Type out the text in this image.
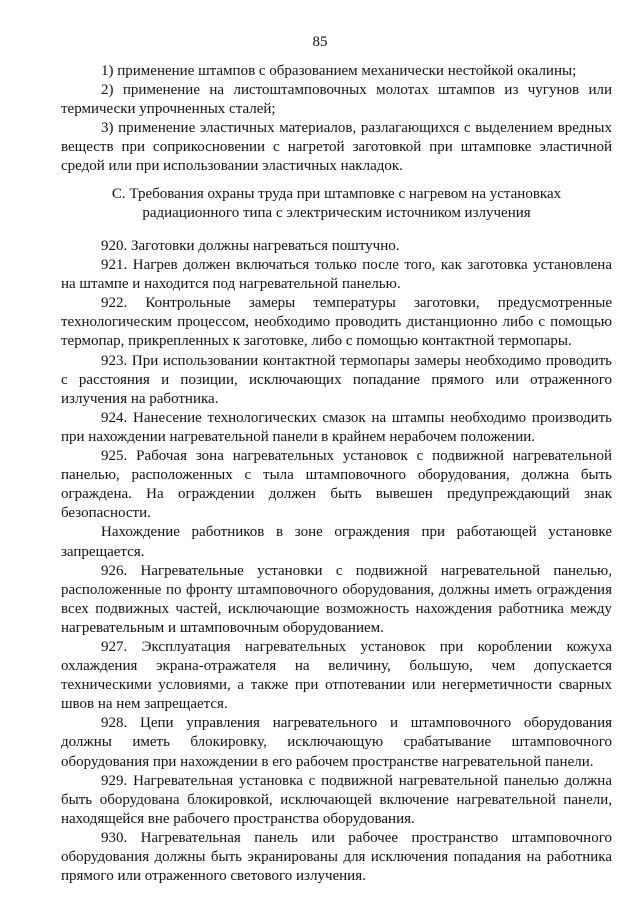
85

1) применение штампов с образованием механически нестойкой окалины;

2) применение на листоштамповочных молотах штампов из чугунов или термически упрочненных сталей;

3) применение эластичных материалов, разлагающихся с выделением вредных веществ при соприкосновении с нагретой заготовкой при штамповке эластичной средой или при использовании эластичных накладок.

С. Требования охраны труда при штамповке с нагревом на установках

радиационного типа с электрическим источником излучения

920. Заготовки должны нагреваться поштучно.

921. Нагрев должен включаться только после того, как заготовка установлена на штампе и находится под нагревательной панелью.

922. Контрольные замеры температуры заготовки, предусмотренные технологическим процессом, необходимо проводить дистанционно либо с помощью термопар, прикрепленных к заготовке, либо с помощью контактной термопары.

923. При использовании контактной термопары замеры необходимо проводить с расстояния и позиции, исключающих попадание прямого или отраженного излучения на работника.

924. Нанесение технологических смазок на штампы необходимо производить при нахождении нагревательной панели в крайнем нерабочем положении.

925. Рабочая зона нагревательных установок с подвижной нагревательной панелью, расположенных с тыла штамповочного оборудования, должна быть ограждена. На ограждении должен быть вывешен предупреждающий знак безопасности.

Нахождение работников в зоне ограждения при работающей установке запрещается.

926. Нагревательные установки с подвижной нагревательной панелью, расположенные по фронту штамповочного оборудования, должны иметь ограждения всех подвижных частей, исключающие возможность нахождения работника между нагревательным и штамповочным оборудованием.

927. Эксплуатация нагревательных установок при короблении кожуха охлаждения экрана-отражателя на величину, большую, чем допускается техническими условиями, а также при отпотевании или негерметичности сварных швов на нем запрещается.

928. Цепи управления нагревательного и штамповочного оборудования должны иметь блокировку, исключающую срабатывание штамповочного оборудования при нахождении в его рабочем пространстве нагревательной панели.

929. Нагревательная установка с подвижной нагревательной панелью должна быть оборудована блокировкой, исключающей включение нагревательной панели, находящейся вне рабочего пространства оборудования.

930. Нагревательная панель или рабочее пространство штамповочного оборудования должны быть экранированы для исключения попадания на работника прямого или отраженного светового излучения.
